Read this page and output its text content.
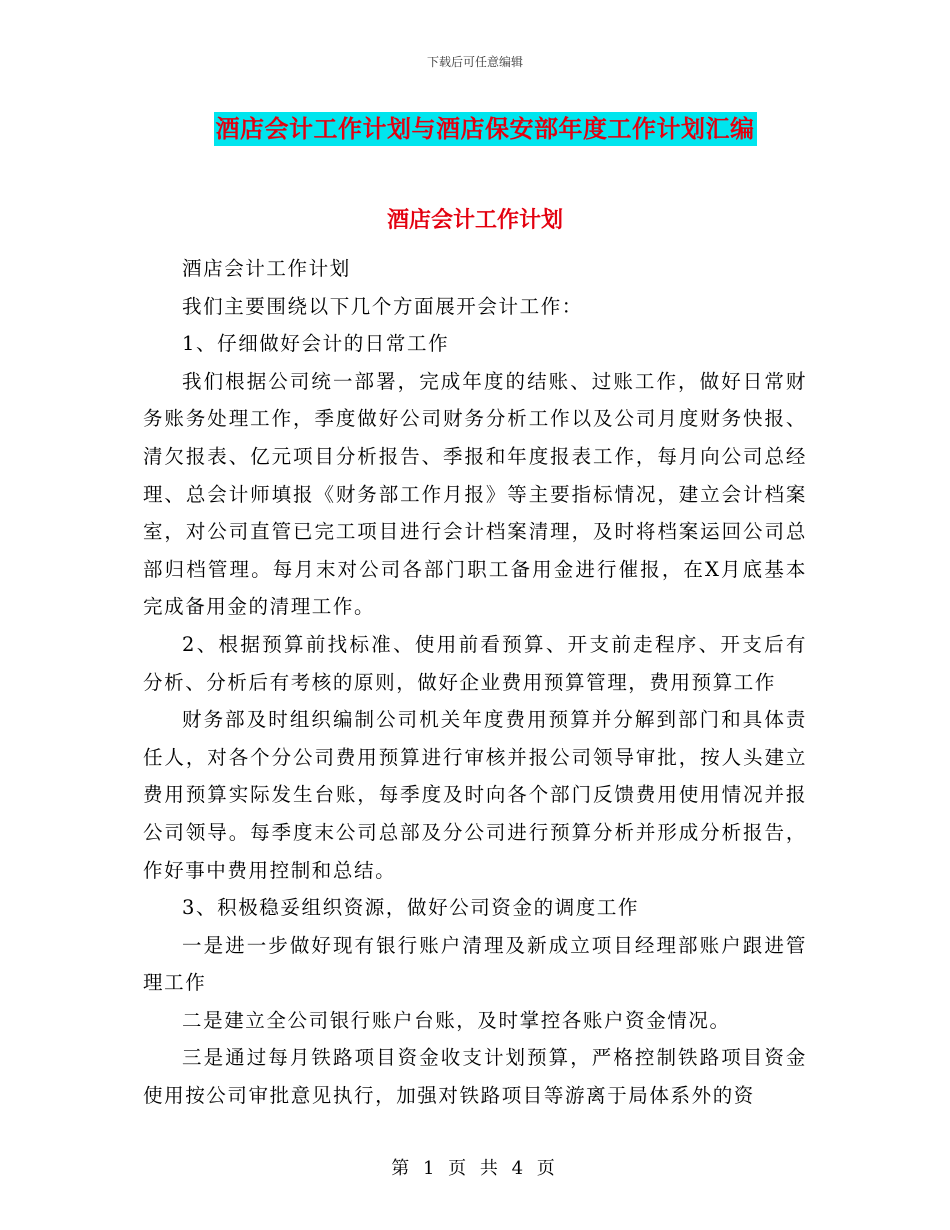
下载后可任意编辑
酒店会计工作计划与酒店保安部年度工作计划汇编
酒店会计工作计划

酒店会计工作计划

我们主要围绕以下几个方面展开会计工作：

1、仔细做好会计的日常工作

我们根据公司统一部署，完成年度的结账、过账工作，做好日常财务账务处理工作，季度做好公司财务分析工作以及公司月度财务快报、清欠报表、亿元项目分析报告、季报和年度报表工作，每月向公司总经理、总会计师填报《财务部工作月报》等主要指标情况，建立会计档案室，对公司直管已完工项目进行会计档案清理，及时将档案运回公司总部归档管理。每月末对公司各部门职工备用金进行催报，在X月底基本完成备用金的清理工作。

2、根据预算前找标准、使用前看预算、开支前走程序、开支后有分析、分析后有考核的原则，做好企业费用预算管理，费用预算工作

财务部及时组织编制公司机关年度费用预算并分解到部门和具体责任人，对各个分公司费用预算进行审核并报公司领导审批，按人头建立费用预算实际发生台账，每季度及时向各个部门反馈费用使用情况并报公司领导。每季度末公司总部及分公司进行预算分析并形成分析报告，作好事中费用控制和总结。

3、积极稳妥组织资源，做好公司资金的调度工作

一是进一步做好现有银行账户清理及新成立项目经理部账户跟进管理工作

二是建立全公司银行账户台账，及时掌控各账户资金情况。

三是通过每月铁路项目资金收支计划预算，严格控制铁路项目资金使用按公司审批意见执行，加强对铁路项目等游离于局体系外的资

第 1 页 共 4 页
